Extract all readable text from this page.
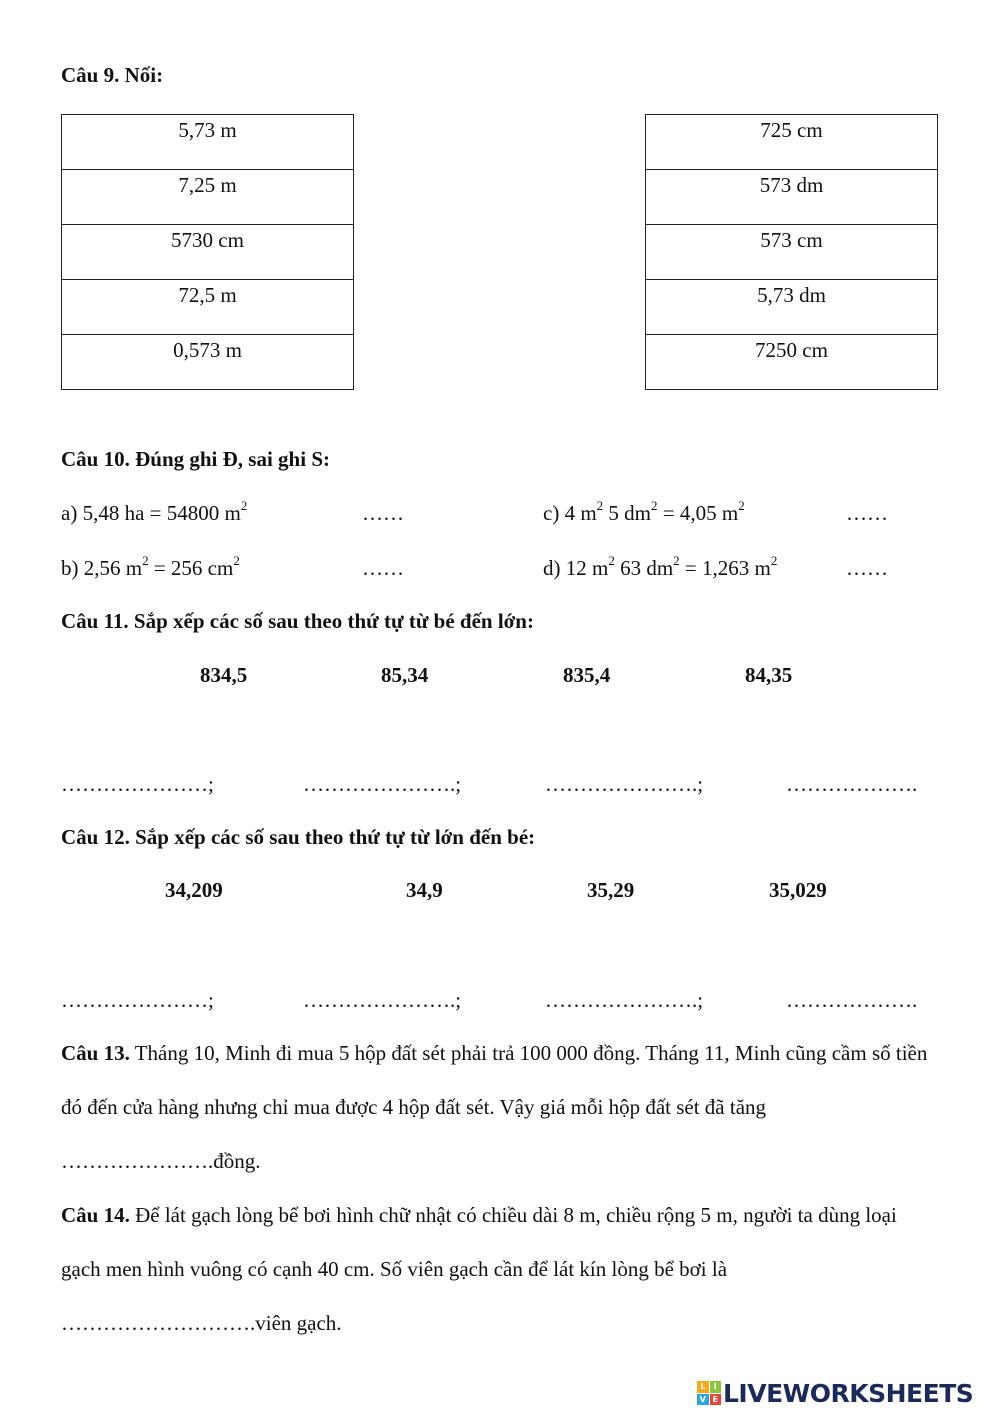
Câu 9. Nối:
5,73 m
7,25 m
5730 cm
72,5 m
0,573 m
725 cm
573 dm
573 cm
5,73 dm
7250 cm
Câu 10. Đúng ghi Đ, sai ghi S:
a) 5,48 ha = 54800 $m^2$	……	c) 4 $m^2$ 5 $dm^2 = 4,05$ $m^2$	……
b) 2,56 $m^2 = 256$ $cm^2$	……	d) 12 $m^2$ 63 $dm^2 = 1,263$ $m^2$	……
Câu 11. Sắp xếp các số sau theo thứ tự từ bé đến lớn:
834,5	85,34	835,4	84,35
…………………;	………………….;	………………….;	……………….
Câu 12. Sắp xếp các số sau theo thứ tự từ lớn đến bé:
34,209	34,9	35,29	35,029
…………………;	………………….;	………………….;	……………….
Câu 13. Tháng 10, Minh đi mua 5 hộp đất sét phải trả 100 000 đồng. Tháng 11, Minh cũng cầm số tiền đó đến cửa hàng nhưng chỉ mua được 4 hộp đất sét. Vậy giá mỗi hộp đất sét đã tăng ………………….đồng.
Câu 14. Để lát gạch lòng bể bơi hình chữ nhật có chiều dài 8 m, chiều rộng 5 m, người ta dùng loại gạch men hình vuông có cạnh 40 cm. Số viên gạch cần để lát kín lòng bể bơi là ……………………….viên gạch.
L	I
V E LIVEWORKSHEETS
